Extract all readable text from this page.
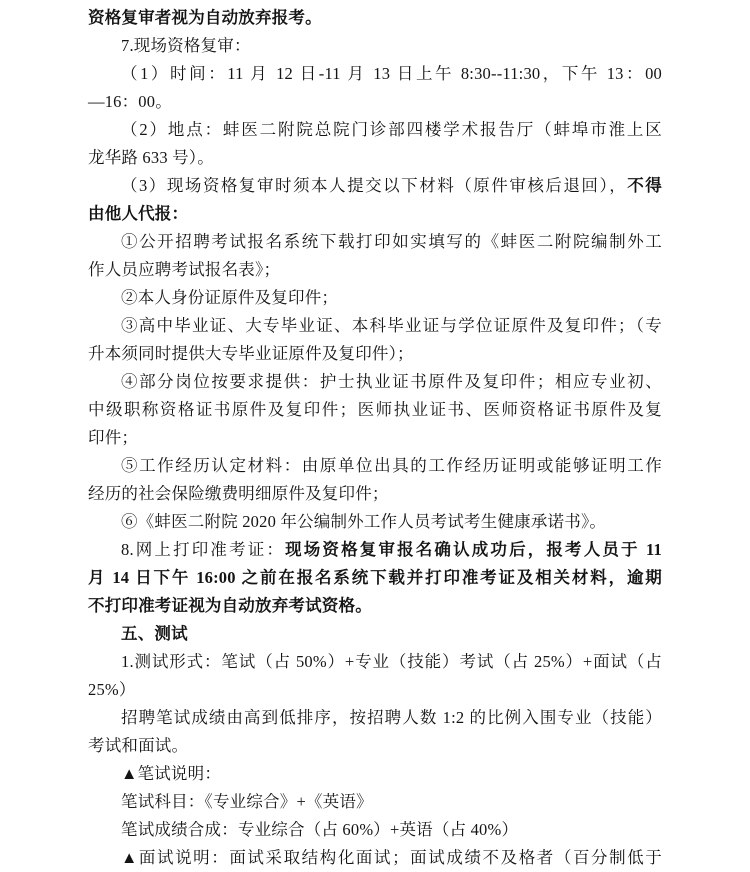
资格复审者视为自动放弃报考。
7.现场资格复审：
（1）时间：11 月 12 日-11 月 13 日上午 8:30--11:30，下午 13：00
—16：00。
（2）地点：蚌医二附院总院门诊部四楼学术报告厅（蚌埠市淮上区
龙华路 633 号）。
（3）现场资格复审时须本人提交以下材料（原件审核后退回），不得
由他人代报：
①公开招聘考试报名系统下载打印如实填写的《蚌医二附院编制外工
作人员应聘考试报名表》；
②本人身份证原件及复印件；
③高中毕业证、大专毕业证、本科毕业证与学位证原件及复印件；（专
升本须同时提供大专毕业证原件及复印件）；
④部分岗位按要求提供：护士执业证书原件及复印件；相应专业初、
中级职称资格证书原件及复印件；医师执业证书、医师资格证书原件及复
印件；
⑤工作经历认定材料：由原单位出具的工作经历证明或能够证明工作
经历的社会保险缴费明细原件及复印件；
⑥《蚌医二附院 2020 年公编制外工作人员考试考生健康承诺书》。
8.网上打印准考证：现场资格复审报名确认成功后，报考人员于 11
月 14 日下午 16:00 之前在报名系统下载并打印准考证及相关材料，逾期
不打印准考证视为自动放弃考试资格。
五、测试
1.测试形式：笔试（占 50%）+专业（技能）考试（占 25%）+面试（占
25%）
招聘笔试成绩由高到低排序，按招聘人数 1:2 的比例入围专业（技能）
考试和面试。
▲笔试说明：
笔试科目：《专业综合》+《英语》
笔试成绩合成：专业综合（占 60%）+英语（占 40%）
▲面试说明：面试采取结构化面试；面试成绩不及格者（百分制低于
